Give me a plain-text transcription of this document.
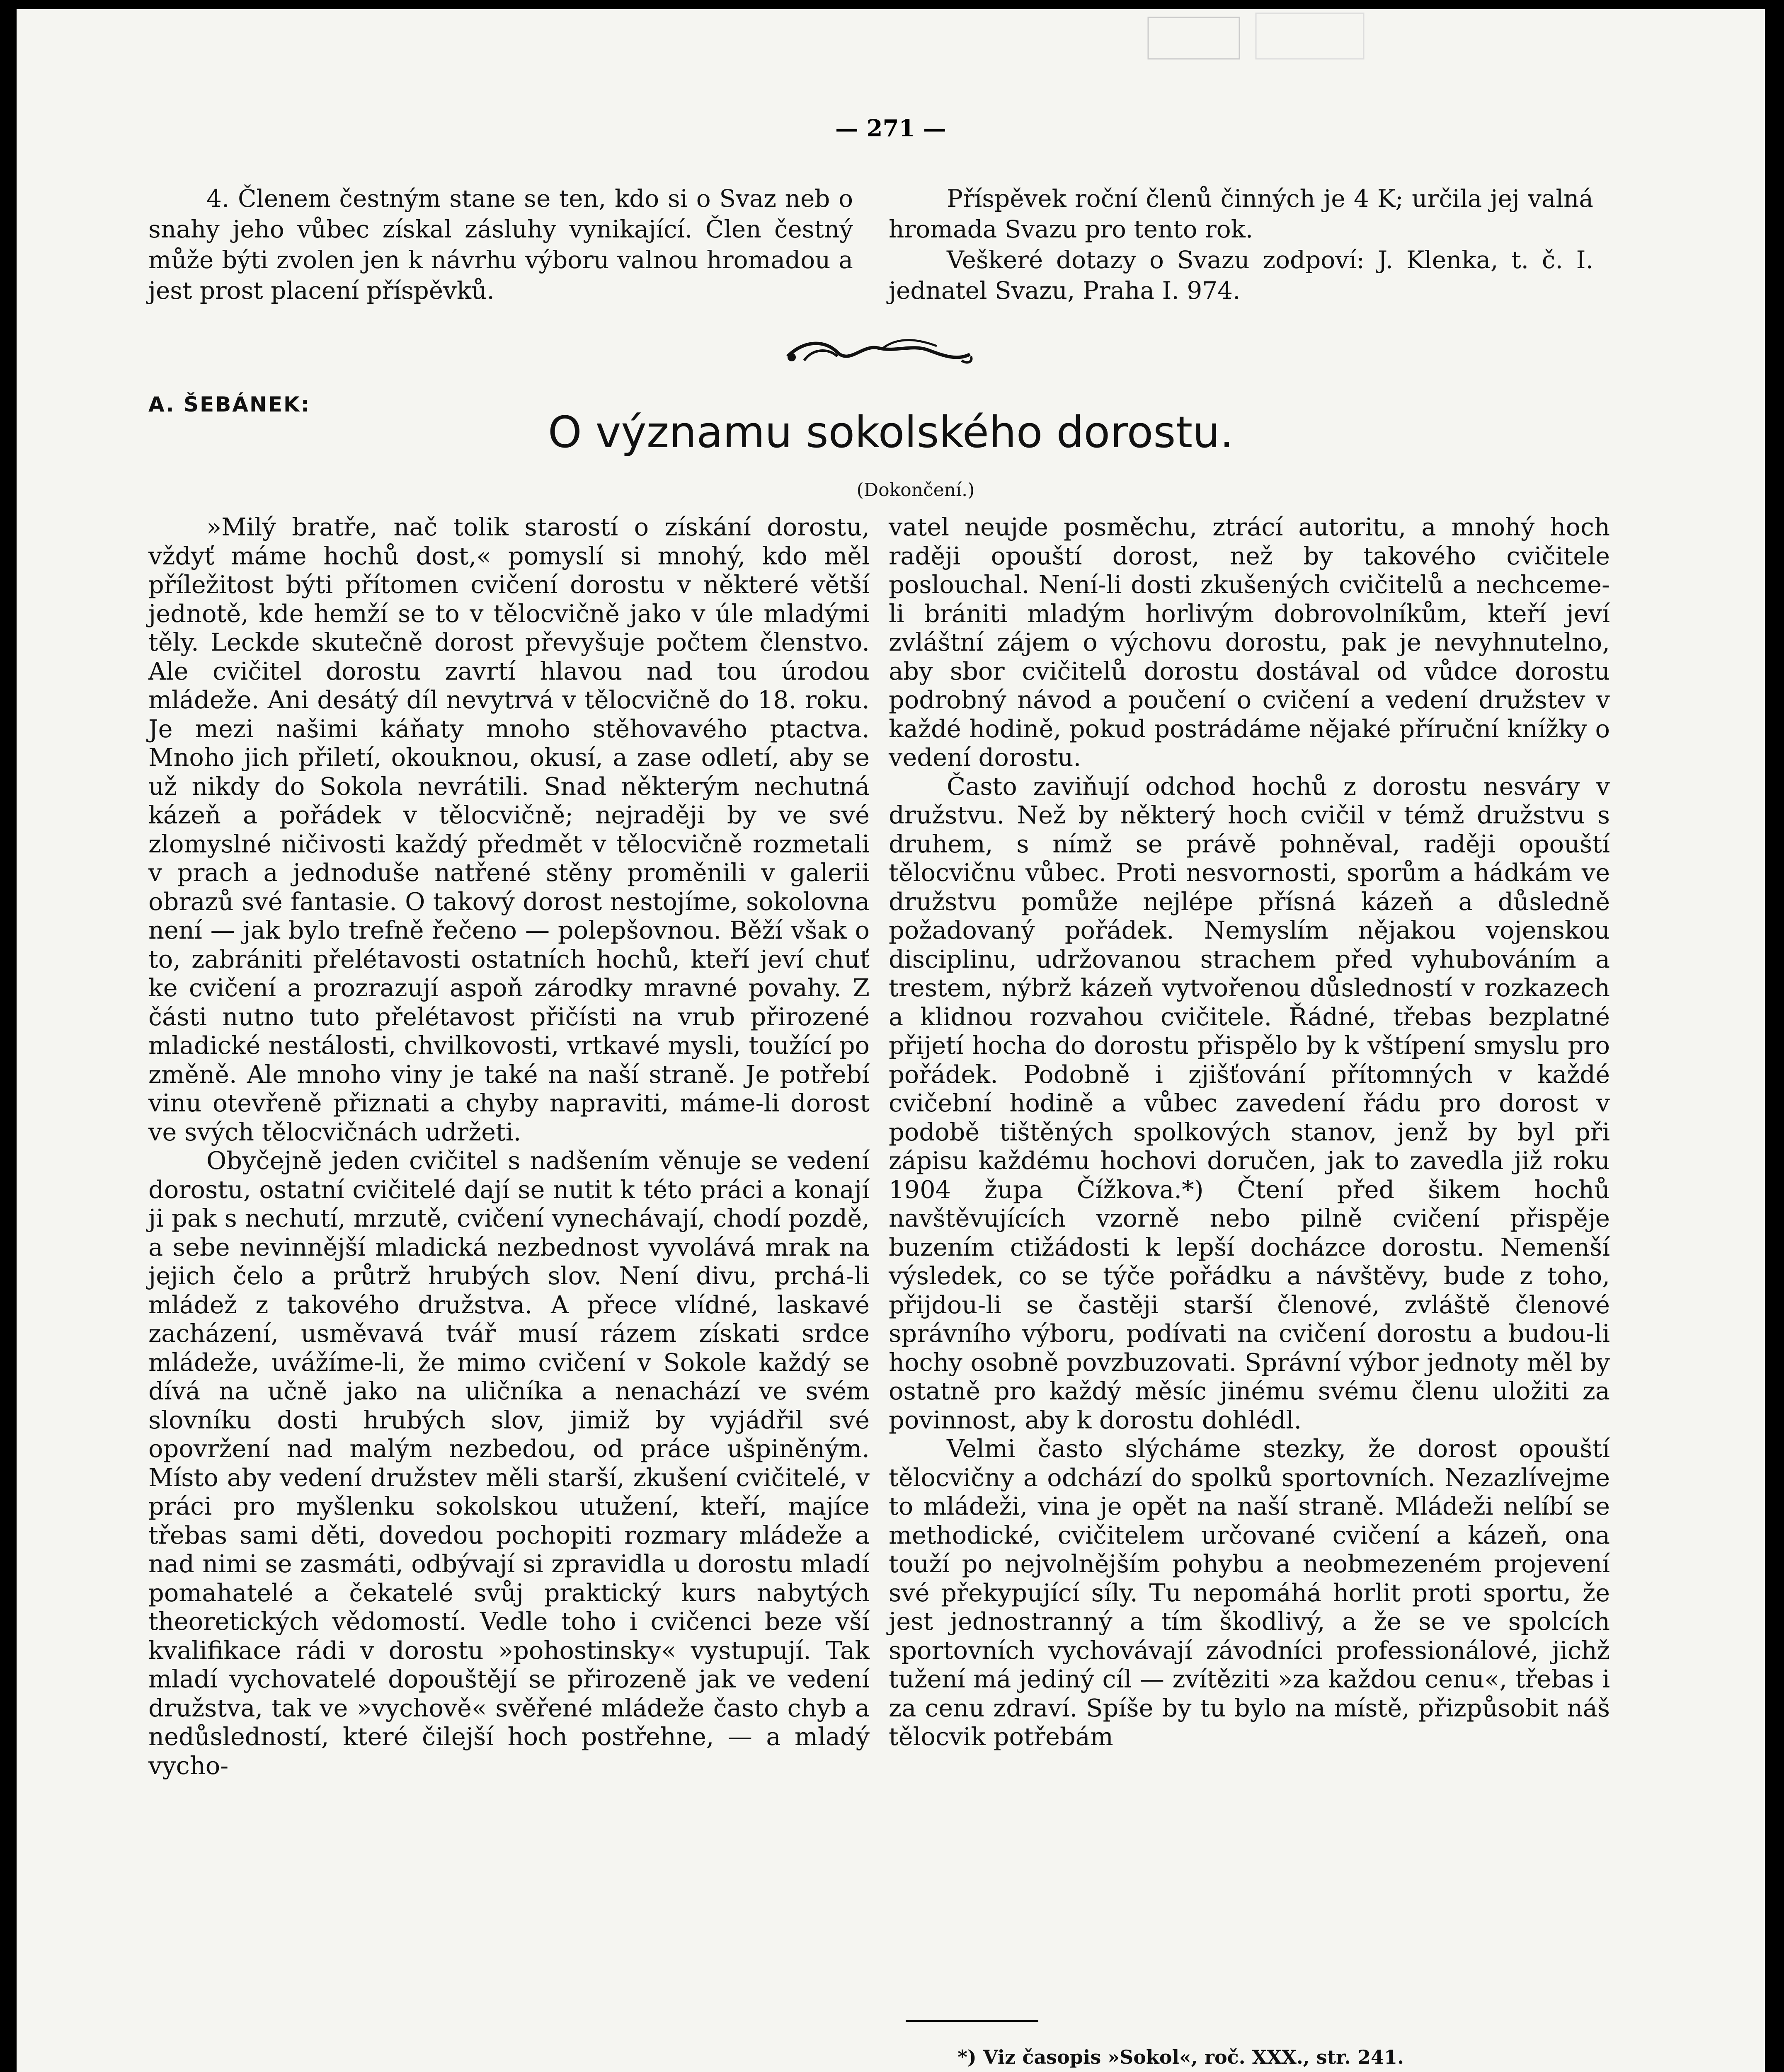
— 271 —

4. Členem čestným stane se ten, kdo si o Svaz neb o snahy jeho vůbec získal zásluhy vynikající. Člen čestný může býti zvolen jen k návrhu výboru valnou hromadou a jest prost placení příspěvků.

Příspěvek roční členů činných je 4 K; určila jej valná hromada Svazu pro tento rok.

Veškeré dotazy o Svazu zodpoví: J. Klenka, t. č. I. jednatel Svazu, Praha I. 974.

A. ŠEBÁNEK:
O významu sokolského dorostu.
(Dokončení.)

»Milý bratře, nač tolik starostí o získání dorostu, vždyť máme hochů dost,« pomyslí si mnohý, kdo měl příležitost býti přítomen cvičení dorostu v některé větší jednotě, kde hemží se to v tělocvičně jako v úle mladými těly. Leckde skutečně dorost převyšuje počtem členstvo. Ale cvičitel dorostu zavrtí hlavou nad tou úrodou mládeže. Ani desátý díl nevytrvá v tělocvičně do 18. roku. Je mezi našimi káňaty mnoho stěhovavého ptactva. Mnoho jich přiletí, okouknou, okusí, a zase odletí, aby se už nikdy do Sokola nevrátili. Snad některým nechutná kázeň a pořádek v tělocvičně; nejraději by ve své zlomyslné ničivosti každý předmět v tělocvičně rozmetali v prach a jednoduše natřené stěny proměnili v galerii obrazů své fantasie. O takový dorost nestojíme, sokolovna není — jak bylo trefně řečeno — polepšovnou. Běží však o to, zabrániti přelétavosti ostatních hochů, kteří jeví chuť ke cvičení a prozrazují aspoň zárodky mravné povahy. Z části nutno tuto přelétavost přičísti na vrub přirozené mladické nestálosti, chvilkovosti, vrtkavé mysli, toužící po změně. Ale mnoho viny je také na naší straně. Je potřebí vinu otevřeně přiznati a chyby napraviti, máme-li dorost ve svých tělocvičnách udržeti.

Obyčejně jeden cvičitel s nadšením věnuje se vedení dorostu, ostatní cvičitelé dají se nutit k této práci a konají ji pak s nechutí, mrzutě, cvičení vynechávají, chodí pozdě, a sebe nevinnější mladická nezbednost vyvolává mrak na jejich čelo a průtrž hrubých slov. Není divu, prchá-li mládež z takového družstva. A přece vlídné, laskavé zacházení, usměvavá tvář musí rázem získati srdce mládeže, uvážíme-li, že mimo cvičení v Sokole každý se dívá na učně jako na uličníka a nenachází ve svém slovníku dosti hrubých slov, jimiž by vyjádřil své opovržení nad malým nezbedou, od práce ušpiněným. Místo aby vedení družstev měli starší, zkušení cvičitelé, v práci pro myšlenku sokolskou utužení, kteří, majíce třebas sami děti, dovedou pochopiti rozmary mládeže a nad nimi se zasmáti, odbývají si zpravidla u dorostu mladí pomahatelé a čekatelé svůj praktický kurs nabytých theoretických vědomostí. Vedle toho i cvičenci beze vší kvalifikace rádi v dorostu »pohostinsky« vystupují. Tak mladí vychovatelé dopouštějí se přirozeně jak ve vedení družstva, tak ve »vychově« svěřené mládeže často chyb a nedůsledností, které čilejší hoch postřehne, — a mladý vycho-

vatel neujde posměchu, ztrácí autoritu, a mnohý hoch raději opouští dorost, než by takového cvičitele poslouchal. Není-li dosti zkušených cvičitelů a nechceme-li brániti mladým horlivým dobrovolníkům, kteří jeví zvláštní zájem o výchovu dorostu, pak je nevyhnutelno, aby sbor cvičitelů dorostu dostával od vůdce dorostu podrobný návod a poučení o cvičení a vedení družstev v každé hodině, pokud postrádáme nějaké příruční knížky o vedení dorostu.

Často zaviňují odchod hochů z dorostu nesváry v družstvu. Než by některý hoch cvičil v témž družstvu s druhem, s nímž se právě pohněval, raději opouští tělocvičnu vůbec. Proti nesvornosti, sporům a hádkám ve družstvu pomůže nejlépe přísná kázeň a důsledně požadovaný pořádek. Nemyslím nějakou vojenskou disciplinu, udržovanou strachem před vyhubováním a trestem, nýbrž kázeň vytvořenou důsledností v rozkazech a klidnou rozvahou cvičitele. Řádné, třebas bezplatné přijetí hocha do dorostu přispělo by k vštípení smyslu pro pořádek. Podobně i zjišťování přítomných v každé cvičební hodině a vůbec zavedení řádu pro dorost v podobě tištěných spolkových stanov, jenž by byl při zápisu každému hochovi doručen, jak to zavedla již roku 1904 župa Čížkova.*) Čtení před šikem hochů navštěvujících vzorně nebo pilně cvičení přispěje buzením ctižádosti k lepší docházce dorostu. Nemenší výsledek, co se týče pořádku a návštěvy, bude z toho, přijdou-li se častěji starší členové, zvláště členové správního výboru, podívati na cvičení dorostu a budou-li hochy osobně povzbuzovati. Správní výbor jednoty měl by ostatně pro každý měsíc jinému svému členu uložiti za povinnost, aby k dorostu dohlédl.

Velmi často slýcháme stezky, že dorost opouští tělocvičny a odchází do spolků sportovních. Nezazlívejme to mládeži, vina je opět na naší straně. Mládeži nelíbí se methodické, cvičitelem určované cvičení a kázeň, ona touží po nejvolnějším pohybu a neobmezeném projevení své překypující síly. Tu nepomáhá horlit proti sportu, že jest jednostranný a tím škodlivý, a že se ve spolcích sportovních vychovávají závodníci professionálové, jichž tužení má jediný cíl — zvítěziti »za každou cenu«, třebas i za cenu zdraví. Spíše by tu bylo na místě, přizpůsobit náš tělocvik potřebám

*) Viz časopis »Sokol«, roč. XXX., str. 241.
